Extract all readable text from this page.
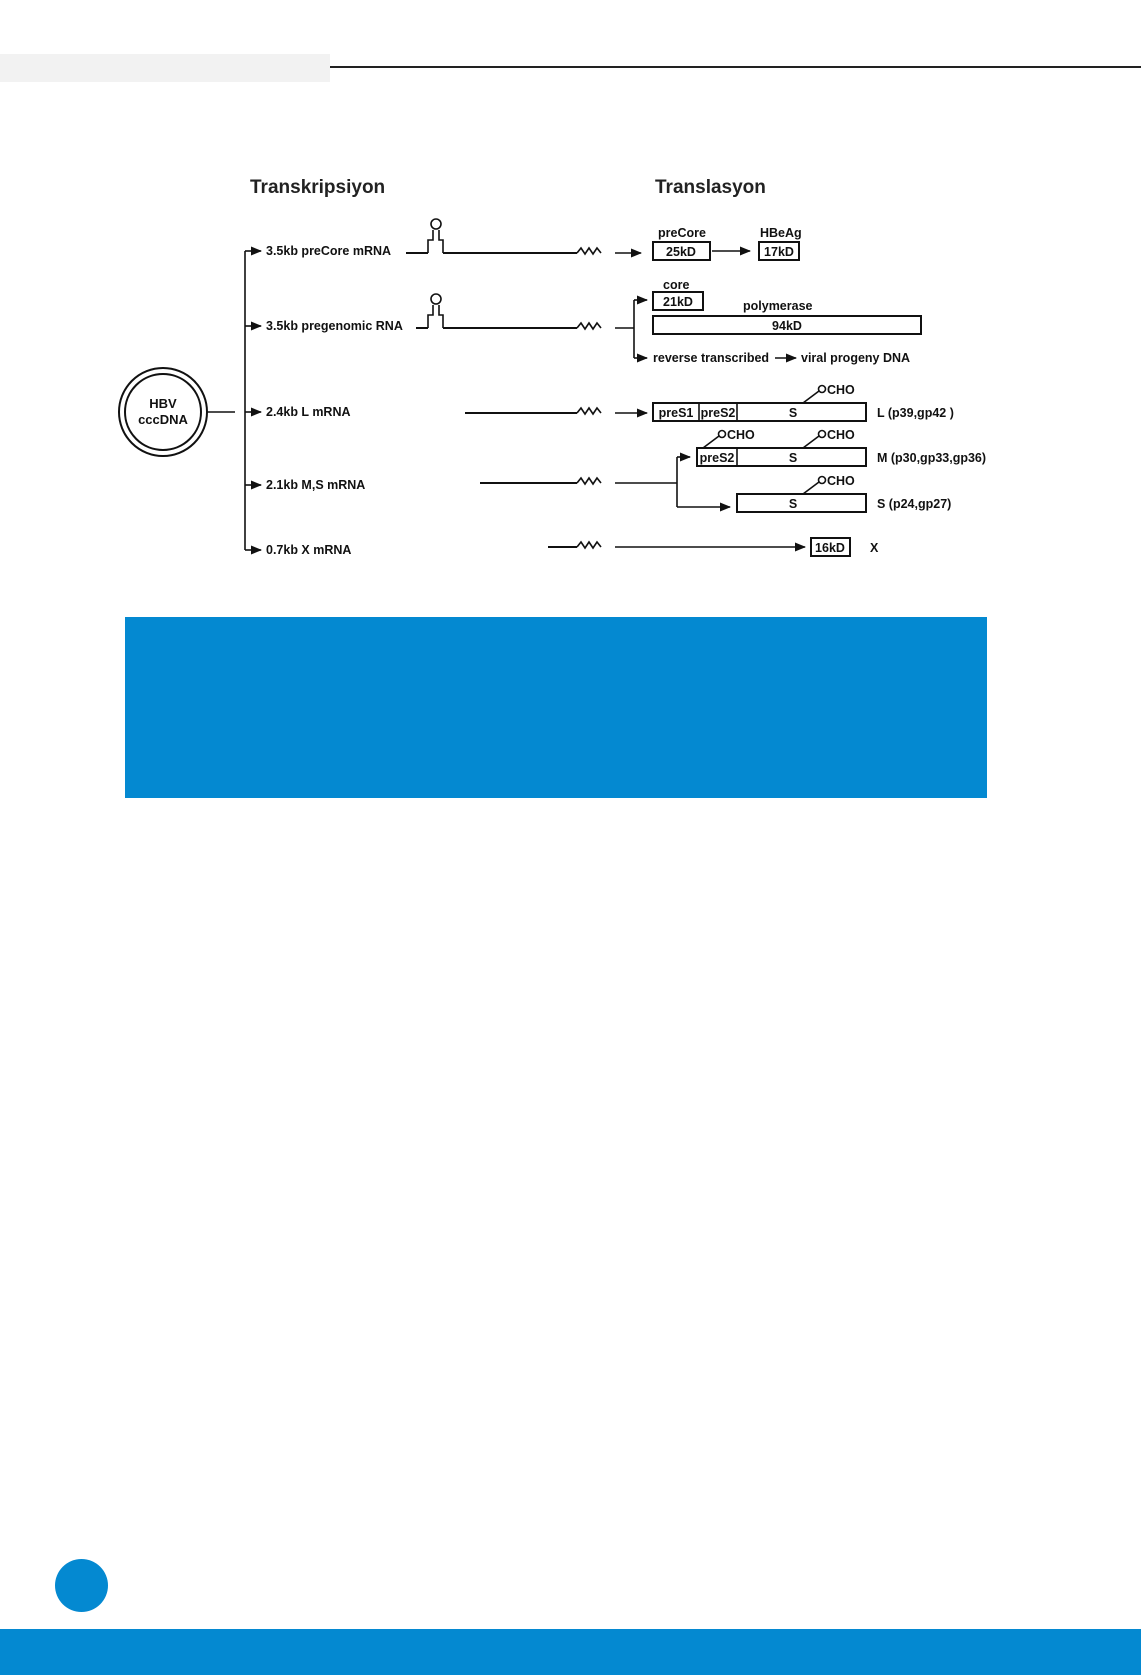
Transkripsiyon	Translasyon
HBV
cccDNA
3.5kb preCore mRNA
3.5kb pregenomic RNA
2.4kb L mRNA
2.1kb M,S mRNA
0.7kb X mRNA
preCore
25kD
HBeAg
17kD
core
21kD	polymerase
94kD
reverse transcribed	viral progeny DNA
preS1 preS2	S
CHO
L (p39,gp42 )
preS2	S
CHO	CHO
M (p30,gp33,gp36)
S
CHO
S (p24,gp27)
16kD X
